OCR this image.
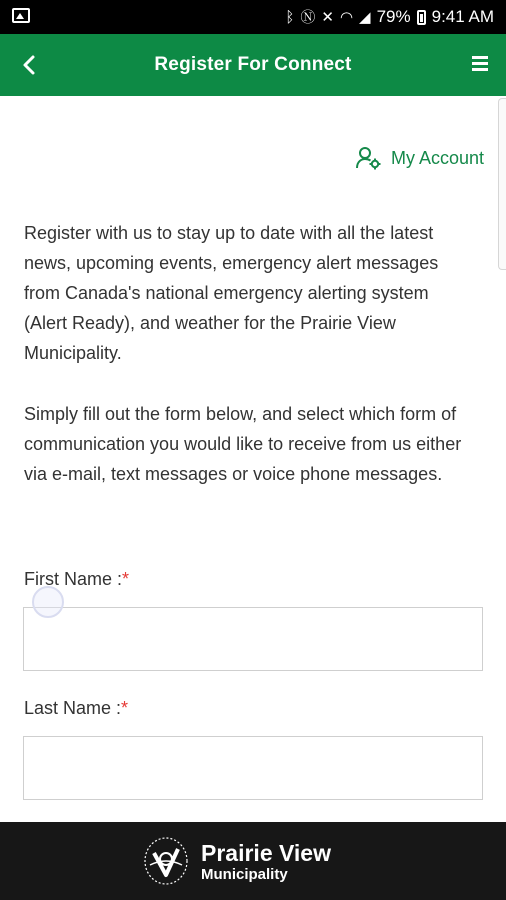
ᛒ Ⓝ ✕ ◠ ◢ 79% 9:41 AM
Register For Connect
My Account
Register with us to stay up to date with all the latest news, upcoming events, emergency alert messages from Canada's national emergency alerting system (Alert Ready), and weather for the Prairie View Municipality.
Simply fill out the form below, and select which form of communication you would like to receive from us either via e-mail, text messages or voice phone messages.
First Name :*
Last Name :*
Prairie View
Municipality
